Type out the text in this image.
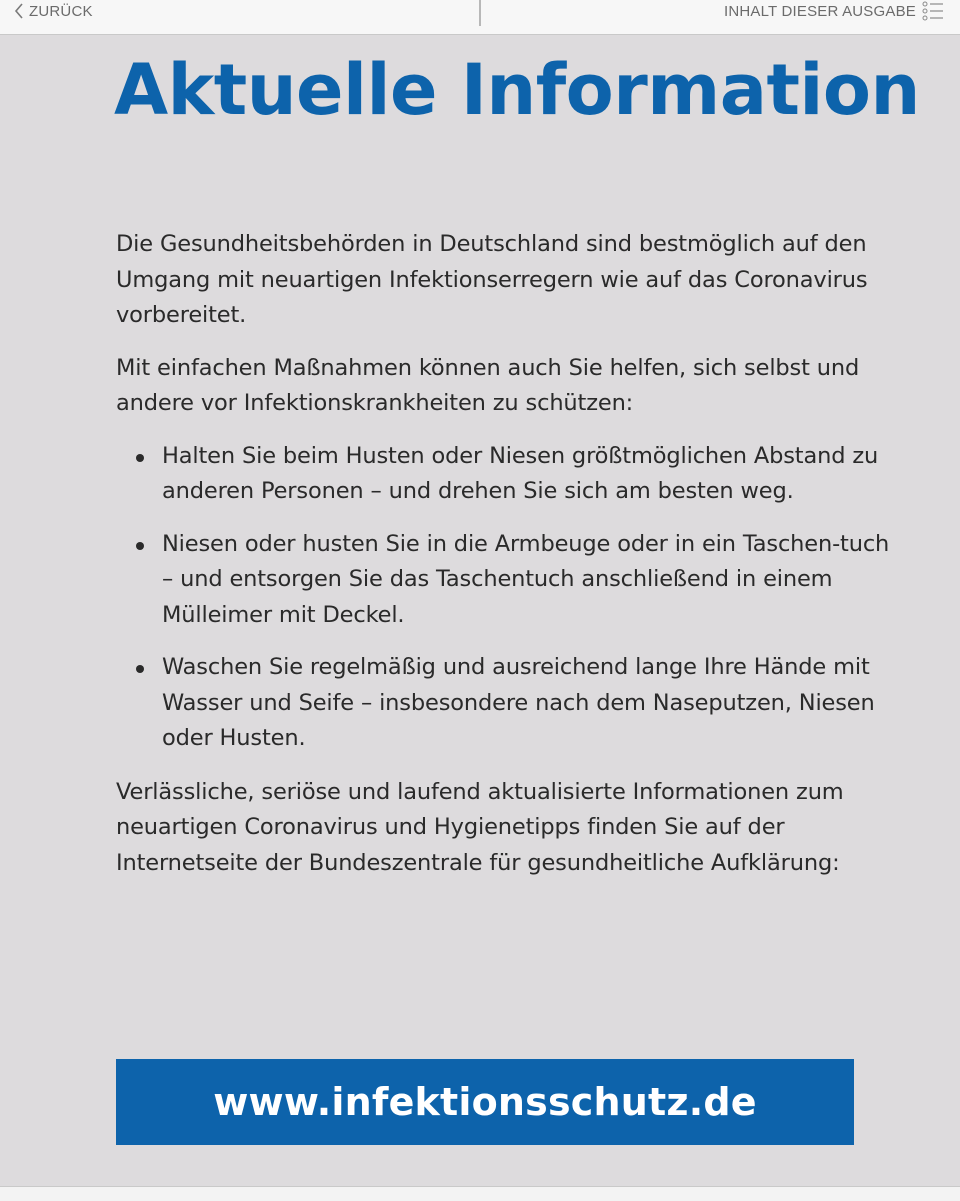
ZURÜCK	INHALT DIESER AUSGABE
Aktuelle Information

Die Gesundheitsbehörden in Deutschland sind bestmöglich auf den Umgang mit neuartigen Infektionserregern wie auf das Coronavirus vorbereitet.

Mit einfachen Maßnahmen können auch Sie helfen, sich selbst und andere vor Infektionskrankheiten zu schützen:

Halten Sie beim Husten oder Niesen größtmöglichen Abstand zu anderen Personen – und drehen Sie sich am besten weg.
Niesen oder husten Sie in die Armbeuge oder in ein Taschen-tuch – und entsorgen Sie das Taschentuch anschließend in einem Mülleimer mit Deckel.
Waschen Sie regelmäßig und ausreichend lange Ihre Hände mit Wasser und Seife – insbesondere nach dem Naseputzen, Niesen oder Husten.

Verlässliche, seriöse und laufend aktualisierte Informationen zum neuartigen Coronavirus und Hygienetipps finden Sie auf der Internetseite der Bundeszentrale für gesundheitliche Aufklärung:

www.infektionsschutz.de
